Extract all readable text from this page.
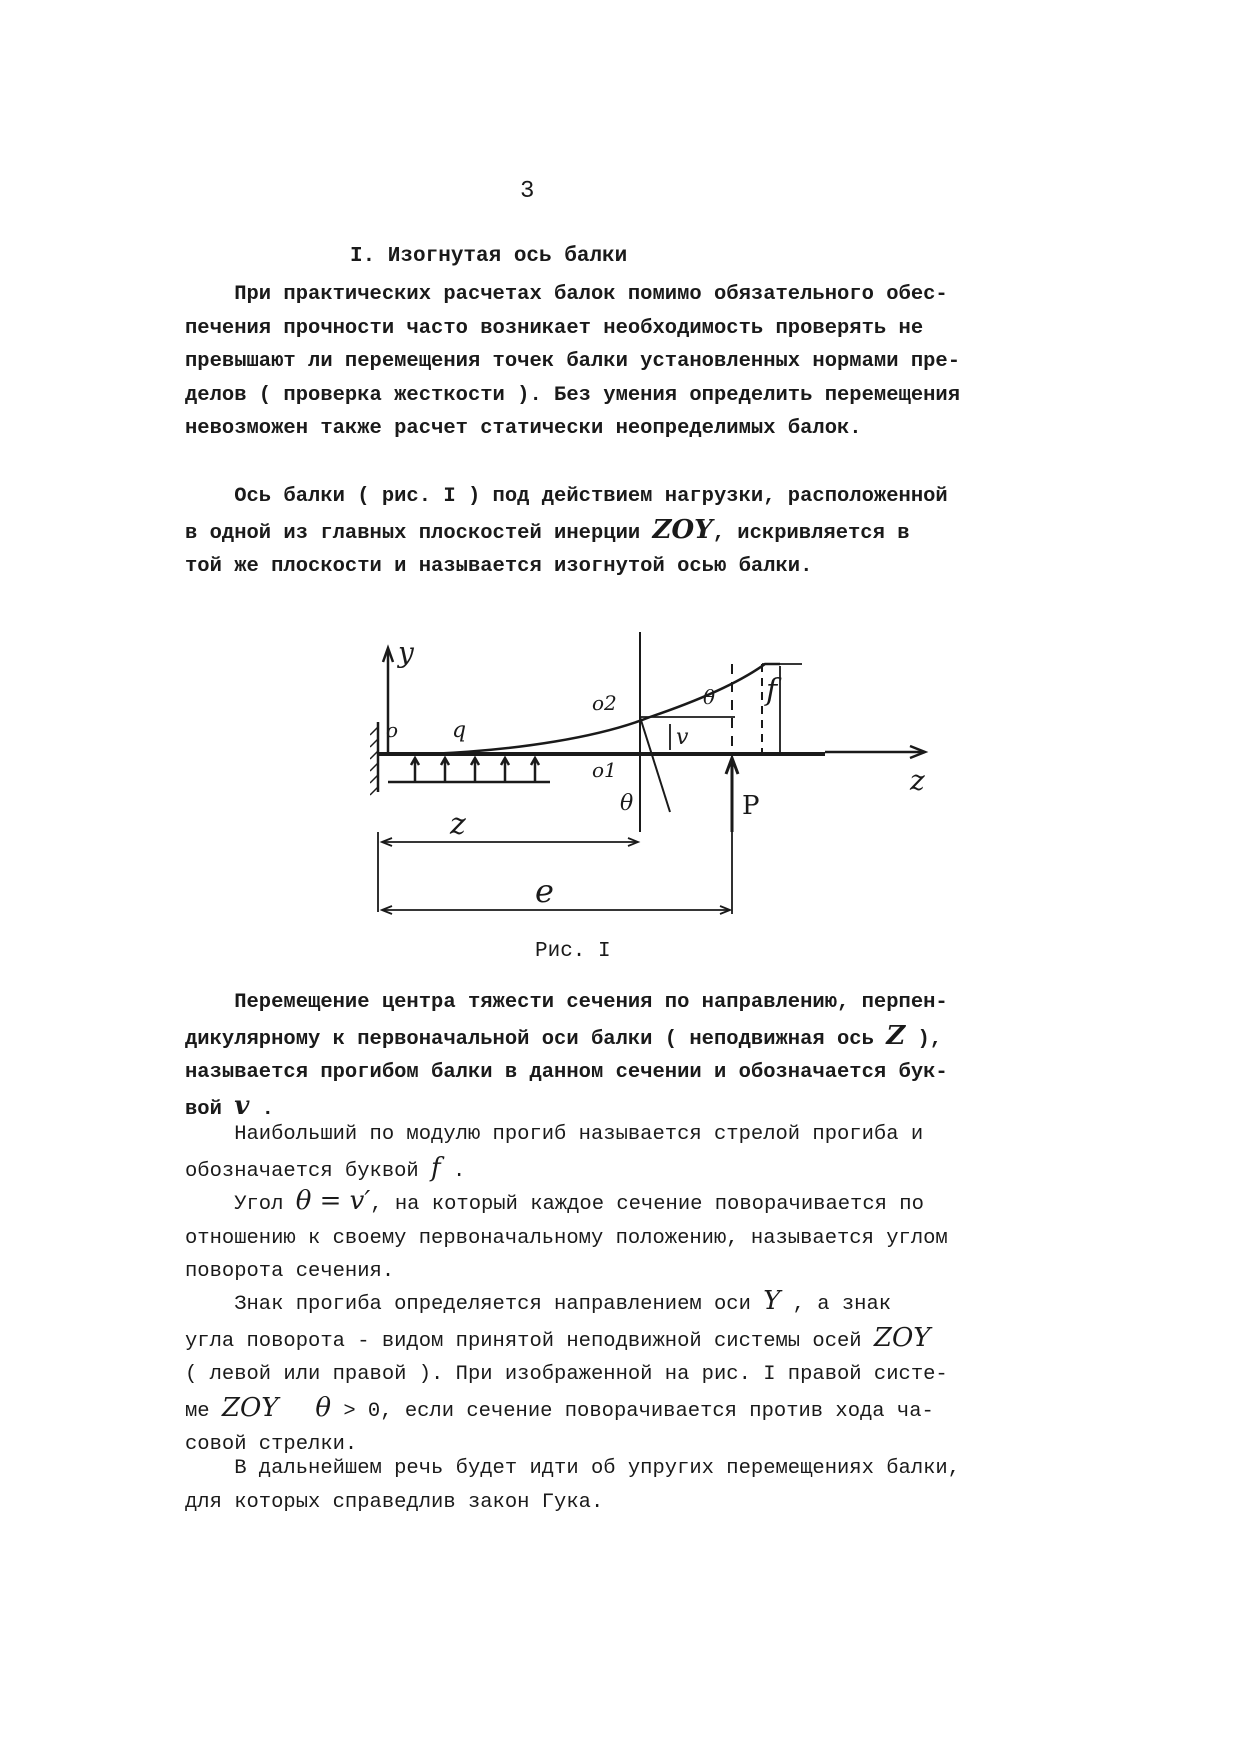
3
I. Изогнутая ось балки
При практических расчетах балок помимо обязательного обес-
печения прочности часто возникает необходимость проверять не
превышают ли перемещения точек балки установленных нормами пре-
делов ( проверка жесткости ). Без умения определить перемещения
невозможен также расчет статически неопределимых балок.
Ось балки ( рис. I ) под действием нагрузки, расположенной
в одной из главных плоскостей инерции ZOY, искривляется в
той же плоскости и называется изогнутой осью балки.
y
z
o q
o1
o2	θ
θ
v
f
P
z
e
Рис. I
Перемещение центра тяжести сечения по направлению, перпен-
дикулярному к первоначальной оси балки ( неподвижная ось Z ),
называется прогибом балки в данном сечении и обозначается бук-
вой v .
Наибольший по модулю прогиб называется стрелой прогиба и
обозначается буквой f .
Угол θ = v′, на который каждое сечение поворачивается по
отношению к своему первоначальному положению, называется углом
поворота сечения.
Знак прогиба определяется направлением оси Y , а знак
угла поворота - видом принятой неподвижной системы осей ZOY
( левой или правой ). При изображенной на рис. I правой систе-
ме ZOY θ > 0, если сечение поворачивается против хода ча-
совой стрелки.
В дальнейшем речь будет идти об упругих перемещениях балки,
для которых справедлив закон Гука.
